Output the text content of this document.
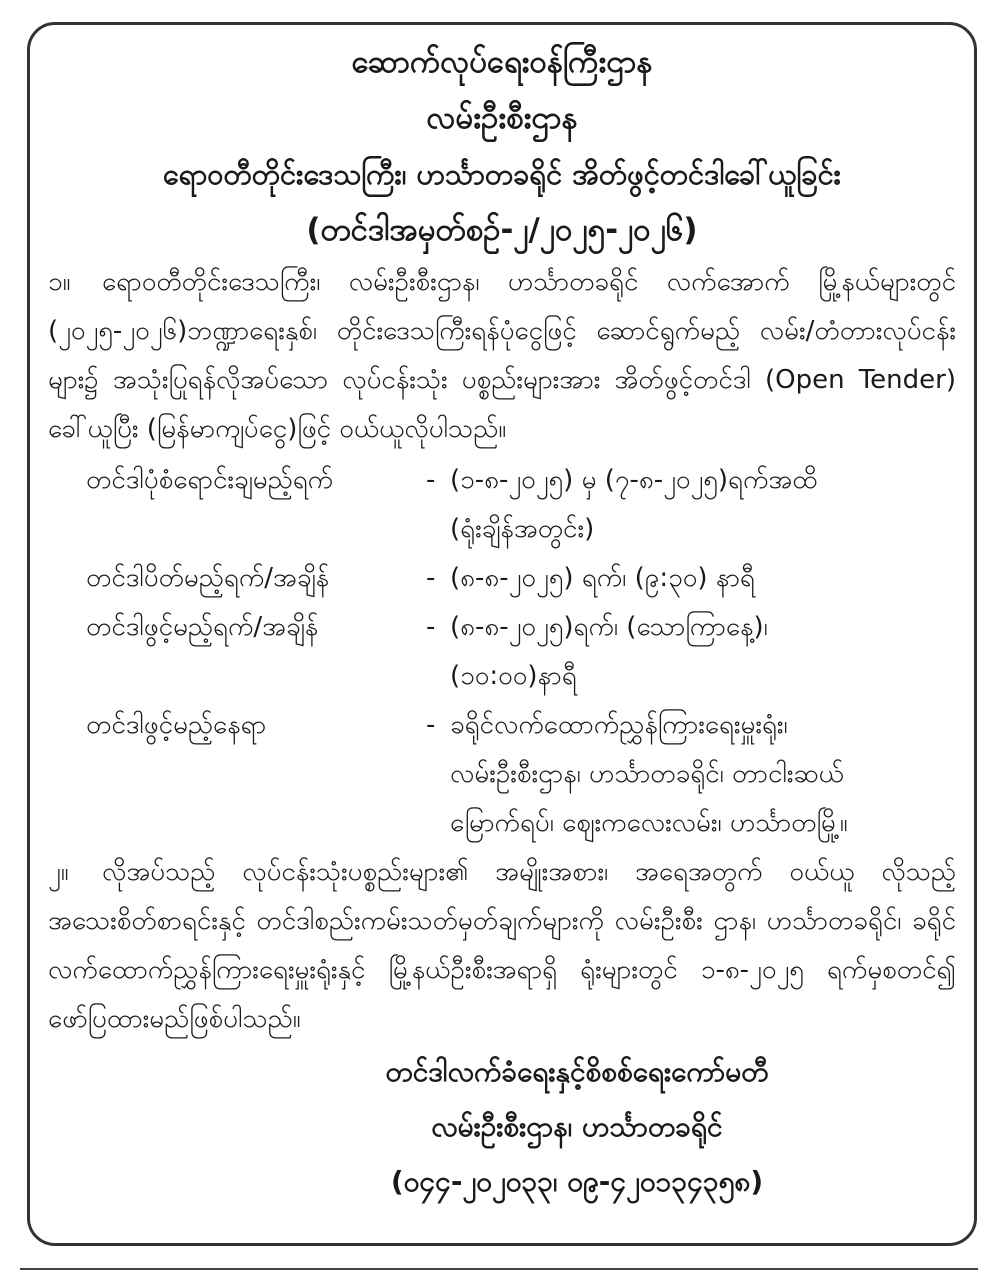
ဆောက်လုပ်ရေးဝန်ကြီးဌာန

လမ်းဦးစီးဌာန

ရောဝတီတိုင်းဒေသကြီး၊ ဟင်္သာတခရိုင် အိတ်ဖွင့်တင်ဒါခေါ်ယူခြင်း

(တင်ဒါအမှတ်စဉ်-၂/၂၀၂၅-၂၀၂၆)

၁။ ရောဝတီတိုင်းဒေသကြီး၊ လမ်းဦးစီးဌာန၊ ဟင်္သာတခရိုင် လက်အောက် မြို့နယ်များတွင် (၂၀၂၅-၂၀၂၆)ဘဏ္ဍာရေးနှစ်၊ တိုင်းဒေသကြီးရန်ပုံငွေဖြင့် ဆောင်ရွက်မည့် လမ်း/တံတားလုပ်ငန်းများ၌ အသုံးပြုရန်လိုအပ်သော လုပ်ငန်းသုံး ပစ္စည်းများအား အိတ်ဖွင့်တင်ဒါ (Open Tender) ခေါ်ယူပြီး (မြန်မာကျပ်ငွေ)ဖြင့် ဝယ်ယူလိုပါသည်။

တင်ဒါပုံစံရောင်းချမည့်ရက်	- (၁-၈-၂၀၂၅) မှ (၇-၈-၂၀၂၅)ရက်အထိ
(ရုံးချိန်အတွင်း)
တင်ဒါပိတ်မည့်ရက်/အချိန်	- (၈-၈-၂၀၂၅) ရက်၊ (၉:၃၀) နာရီ
တင်ဒါဖွင့်မည့်ရက်/အချိန်	- (၈-၈-၂၀၂၅)ရက်၊ (သောကြာနေ့)၊
(၁၀:၀၀)နာရီ
တင်ဒါဖွင့်မည့်နေရာ	- ခရိုင်လက်ထောက်ညွှန်ကြားရေးမှူးရုံး၊
လမ်းဦးစီးဌာန၊ ဟင်္သာတခရိုင်၊ တာငါးဆယ်
မြောက်ရပ်၊ ဈေးကလေးလမ်း၊ ဟင်္သာတမြို့။

၂။ လိုအပ်သည့် လုပ်ငန်းသုံးပစ္စည်းများ၏ အမျိုးအစား၊ အရေအတွက် ဝယ်ယူ လိုသည့် အသေးစိတ်စာရင်းနှင့် တင်ဒါစည်းကမ်းသတ်မှတ်ချက်များကို လမ်းဦးစီး ဌာန၊ ဟင်္သာတခရိုင်၊ ခရိုင်လက်ထောက်ညွှန်ကြားရေးမှူးရုံးနှင့် မြို့နယ်ဦးစီးအရာရှိ ရုံးများတွင် ၁-၈-၂၀၂၅ ရက်မှစတင်၍ ဖော်ပြထားမည်ဖြစ်ပါသည်။

တင်ဒါလက်ခံရေးနှင့်စိစစ်ရေးကော်မတီ

လမ်းဦးစီးဌာန၊ ဟင်္သာတခရိုင်

(၀၄၄-၂၀၂၀၃၃၊ ၀၉-၄၂၀၁၃၄၃၅၈)
